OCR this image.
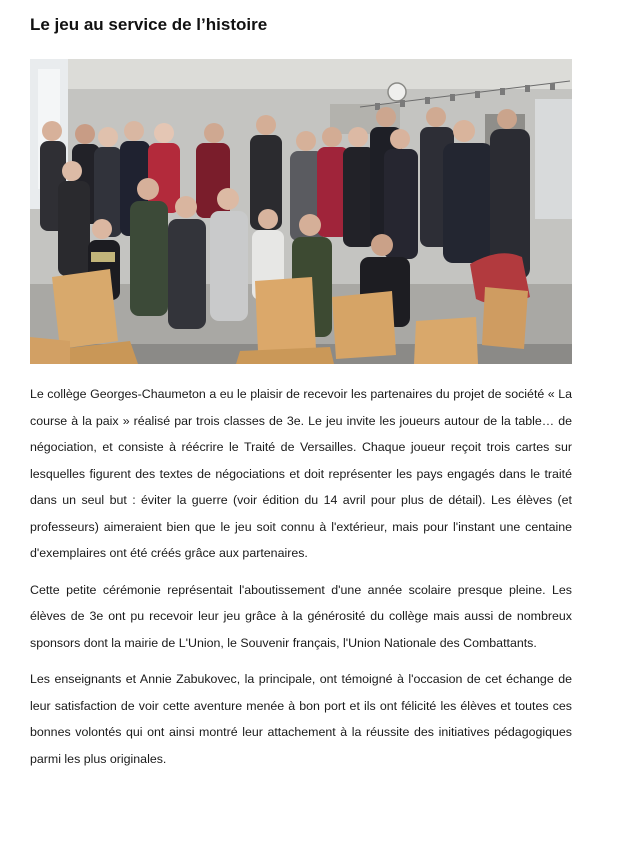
Le jeu au service de l’histoire

Le collège Georges-Chaumeton a eu le plaisir de recevoir les partenaires du projet de société « La course à la paix » réalisé par trois classes de 3e. Le jeu invite les joueurs autour de la table… de négociation, et consiste à réécrire le Traité de Versailles. Chaque joueur reçoit trois cartes sur lesquelles figurent des textes de négociations et doit représenter les pays engagés dans le traité dans un seul but : éviter la guerre (voir édition du 14 avril pour plus de détail). Les élèves (et professeurs) aimeraient bien que le jeu soit connu à l'extérieur, mais pour l'instant une centaine d'exemplaires ont été créés grâce aux partenaires.

Cette petite cérémonie représentait l'aboutissement d'une année scolaire presque pleine. Les élèves de 3e ont pu recevoir leur jeu grâce à la générosité du collège mais aussi de nombreux sponsors dont la mairie de L'Union, le Souvenir français, l'Union Nationale des Combattants.

Les enseignants et Annie Zabukovec, la principale, ont témoigné à l'occasion de cet échange de leur satisfaction de voir cette aventure menée à bon port et ils ont félicité les élèves et toutes ces bonnes volontés qui ont ainsi montré leur attachement à la réussite des initiatives pédagogiques parmi les plus originales.
